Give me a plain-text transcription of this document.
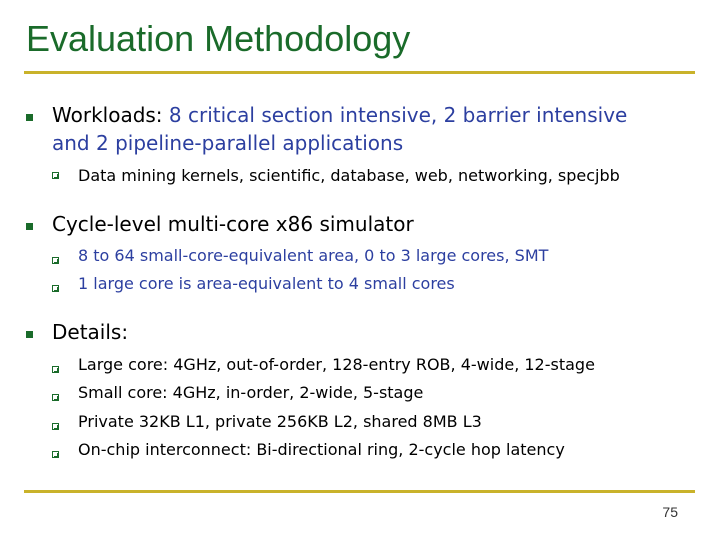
Evaluation Methodology
Workloads: 8 critical section intensive, 2 barrier intensive
and 2 pipeline-parallel applications
Data mining kernels, scientific, database, web, networking, specjbb
Cycle-level multi-core x86 simulator
8 to 64 small-core-equivalent area, 0 to 3 large cores, SMT
1 large core is area-equivalent to 4 small cores
Details:
Large core: 4GHz, out-of-order, 128-entry ROB, 4-wide, 12-stage
Small core: 4GHz, in-order, 2-wide, 5-stage
Private 32KB L1, private 256KB L2, shared 8MB L3
On-chip interconnect: Bi-directional ring, 2-cycle hop latency
75
